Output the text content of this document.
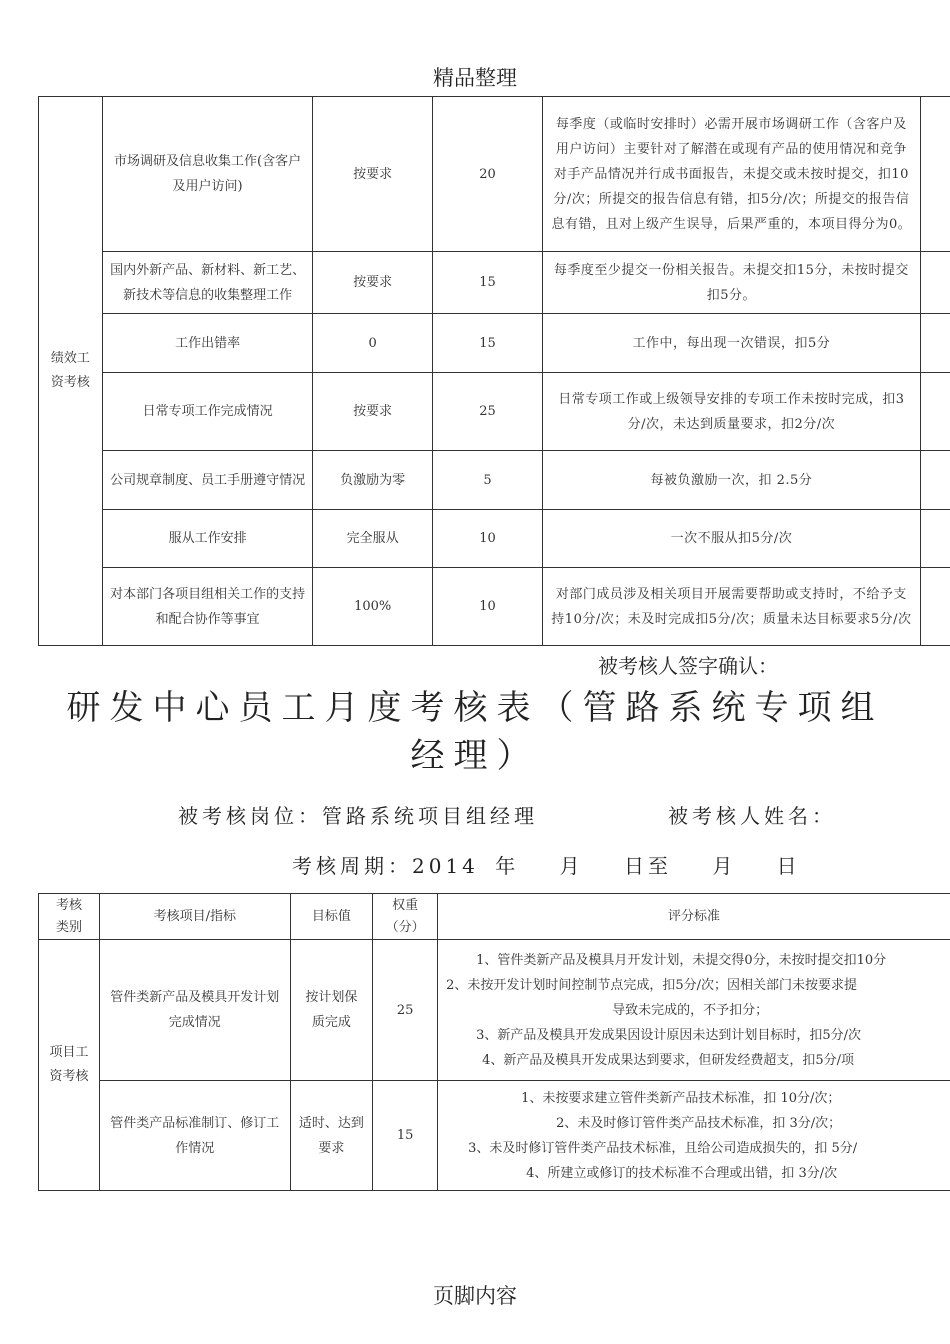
精品整理
绩效工资考核	市场调研及信息收集工作(含客户及用户访问)	按要求	20	每季度（或临时安排时）必需开展市场调研工作（含客户及用户访问）主要针对了解潜在或现有产品的使用情况和竞争对手产品情况并行成书面报告，未提交或未按时提交，扣10分/次；所提交的报告信息有错，扣5分/次；所提交的报告信息有错，且对上级产生误导，后果严重的，本项目得分为0。	
	国内外新产品、新材料、新工艺、新技术等信息的收集整理工作	按要求	15	每季度至少提交一份相关报告。未提交扣15分，未按时提交扣5分。	
	工作出错率	0	15	工作中，每出现一次错误，扣5分	
	日常专项工作完成情况	按要求	25	日常专项工作或上级领导安排的专项工作未按时完成，扣3分/次，未达到质量要求，扣2分/次	
	公司规章制度、员工手册遵守情况	负激励为零	5	每被负激励一次，扣 2.5分	
	服从工作安排	完全服从	10	一次不服从扣5分/次	
	对本部门各项目组相关工作的支持和配合协作等事宜	100%	10	对部门成员涉及相关项目开展需要帮助或支持时，不给予支持10分/次；未及时完成扣5分/次；质量未达目标要求5分/次	
被考核人签字确认：
研发中心员工月度考核表（管路系统专项组
经理）
被考核岗位：管路系统项目组经理	被考核人姓名：
考核周期：2014 年　 月　 日至　 月　 日
考核类别	考核项目/指标	目标值	权重（分）	评分标准
项目工资考核	管件类新产品及模具开发计划完成情况	按计划保质完成	25	1、管件类新产品及模具月开发计划，未提交得0分，未按时提交扣10分
2、未按开发计划时间控制节点完成，扣5分/次；因相关部门未按要求提
导致未完成的，不予扣分；
3、新产品及模具开发成果因设计原因未达到计划目标时，扣5分/次
4、新产品及模具开发成果达到要求，但研发经费超支，扣5分/项

	管件类产品标准制订、修订工作情况	适时、达到要求	15	1、未按要求建立管件类新产品技术标准，扣 10分/次；
2、未及时修订管件类产品技术标准，扣 3分/次；
3、未及时修订管件类产品技术标准，且给公司造成损失的，扣 5分/
4、所建立或修订的技术标准不合理或出错，扣 3分/次
页脚内容
